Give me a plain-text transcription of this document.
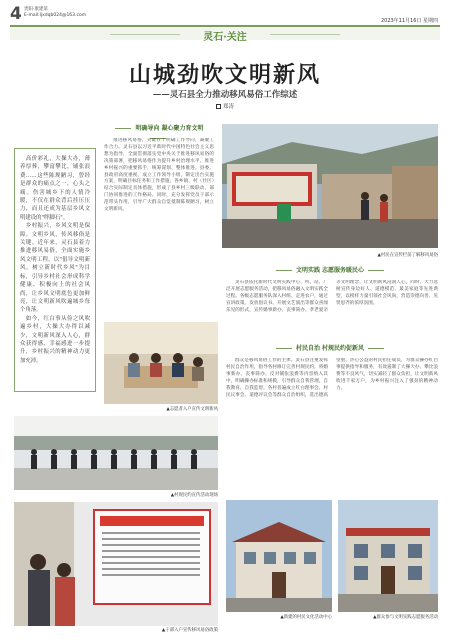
4 贵阳·康建第
E-mail:ljxdqb024@163.com
2023年11月16日 星期四
灵石·关注
山城劲吹文明新风
——灵石县全力推动移风易俗工作综述
郑涛
　高价彩礼，大操大办，薄养厚葬，攀富攀比，铺张浪费……这些陈规陋习，曾经是群众的痛点之一，心头之痛。伤害城乡下的人情冷暖，不仅在群众背后挂压压力，而且还成为基层乡风文明建设的"绊脚石"。
　乡村振兴，乡风文明是保障。文明乡风，传风移俗是关键。近年来，灵石县着力推进移风易俗，全面实施乡风文明工程，以"倡导文明新风，树立新时代乡风"为目标，引导乡村社会形成科学健康、积极向上的社会风尚，让乡风文明底色更加鲜亮，让文明新风吹遍城乡每个角落。
　如今，红白事从俭之风吹遍乡村，大操大办得以减少，文明新风深入人心，群众获得感、幸福感进一步提升，乡村振兴的精神动力更加充沛。
明确导向 凝心聚力育文明

推进移风易俗，关键在于明确工作导向，凝聚工作合力。灵石县以习近平新时代中国特色社会主义思想为指导，全面贯彻落实党中央关于推进移风易俗的决策部署，把移风易俗作为提升乡村治理水平、推进乡村振兴的重要抓手，统筹谋划、整体推进。县委、县政府高度重视，成立工作领导小组，制定出台实施方案，明确目标任务和工作措施，各乡镇、村（社区）结合实际制定具体措施，形成了县乡村三级联动、部门协同推进的工作格局。同时，充分发挥党员干部示范带头作用，引导广大群众自觉抵制陈规陋习，树立文明新风。

▲村民在宣传栏前了解移风易俗
文明实践 志愿服务暖民心

灵石县依托新时代文明实践中心、所、站，广泛开展志愿服务活动，把移风易俗融入文明实践全过程。各级志愿服务队深入村组、走进农户，通过宣讲政策、发放倡议书、开展文艺演出等群众喜闻乐见的形式，宣传婚事新办、丧事简办、孝老爱亲等文明理念，让文明新风浸润人心。同时，大力选树宣传身边好人、道德模范、最美家庭等先进典型，以榜样力量引领社会风尚，营造崇德向善、见贤思齐的浓厚氛围。

▲志愿者入户宣传文明新风
村民自治 村规民约促新风

群众是移风易俗工作的主体。灵石县注重发挥村民自治作用，指导各村修订完善村规民约，将婚事新办、丧事简办、反对铺张浪费等内容纳入其中，明确操办标准和规模，引导群众自我管理、自我教育、自我监督。各村普遍成立红白理事会、村民议事会、道德评议会等群众自治组织，选出德高望重、热心公益的村民担任成员，为群众操办红白事提供指导和服务，有效遏制了大操大办、攀比浪费等不良风气，切实减轻了群众负担，让文明新风吹进千家万户，为乡村振兴注入了强劲的精神动力。

▲村规民约宣传活动现场
▲干部入户宣传移风易俗政策
▲新建的村民文化活动中心	▲群众参与文明实践志愿服务活动
